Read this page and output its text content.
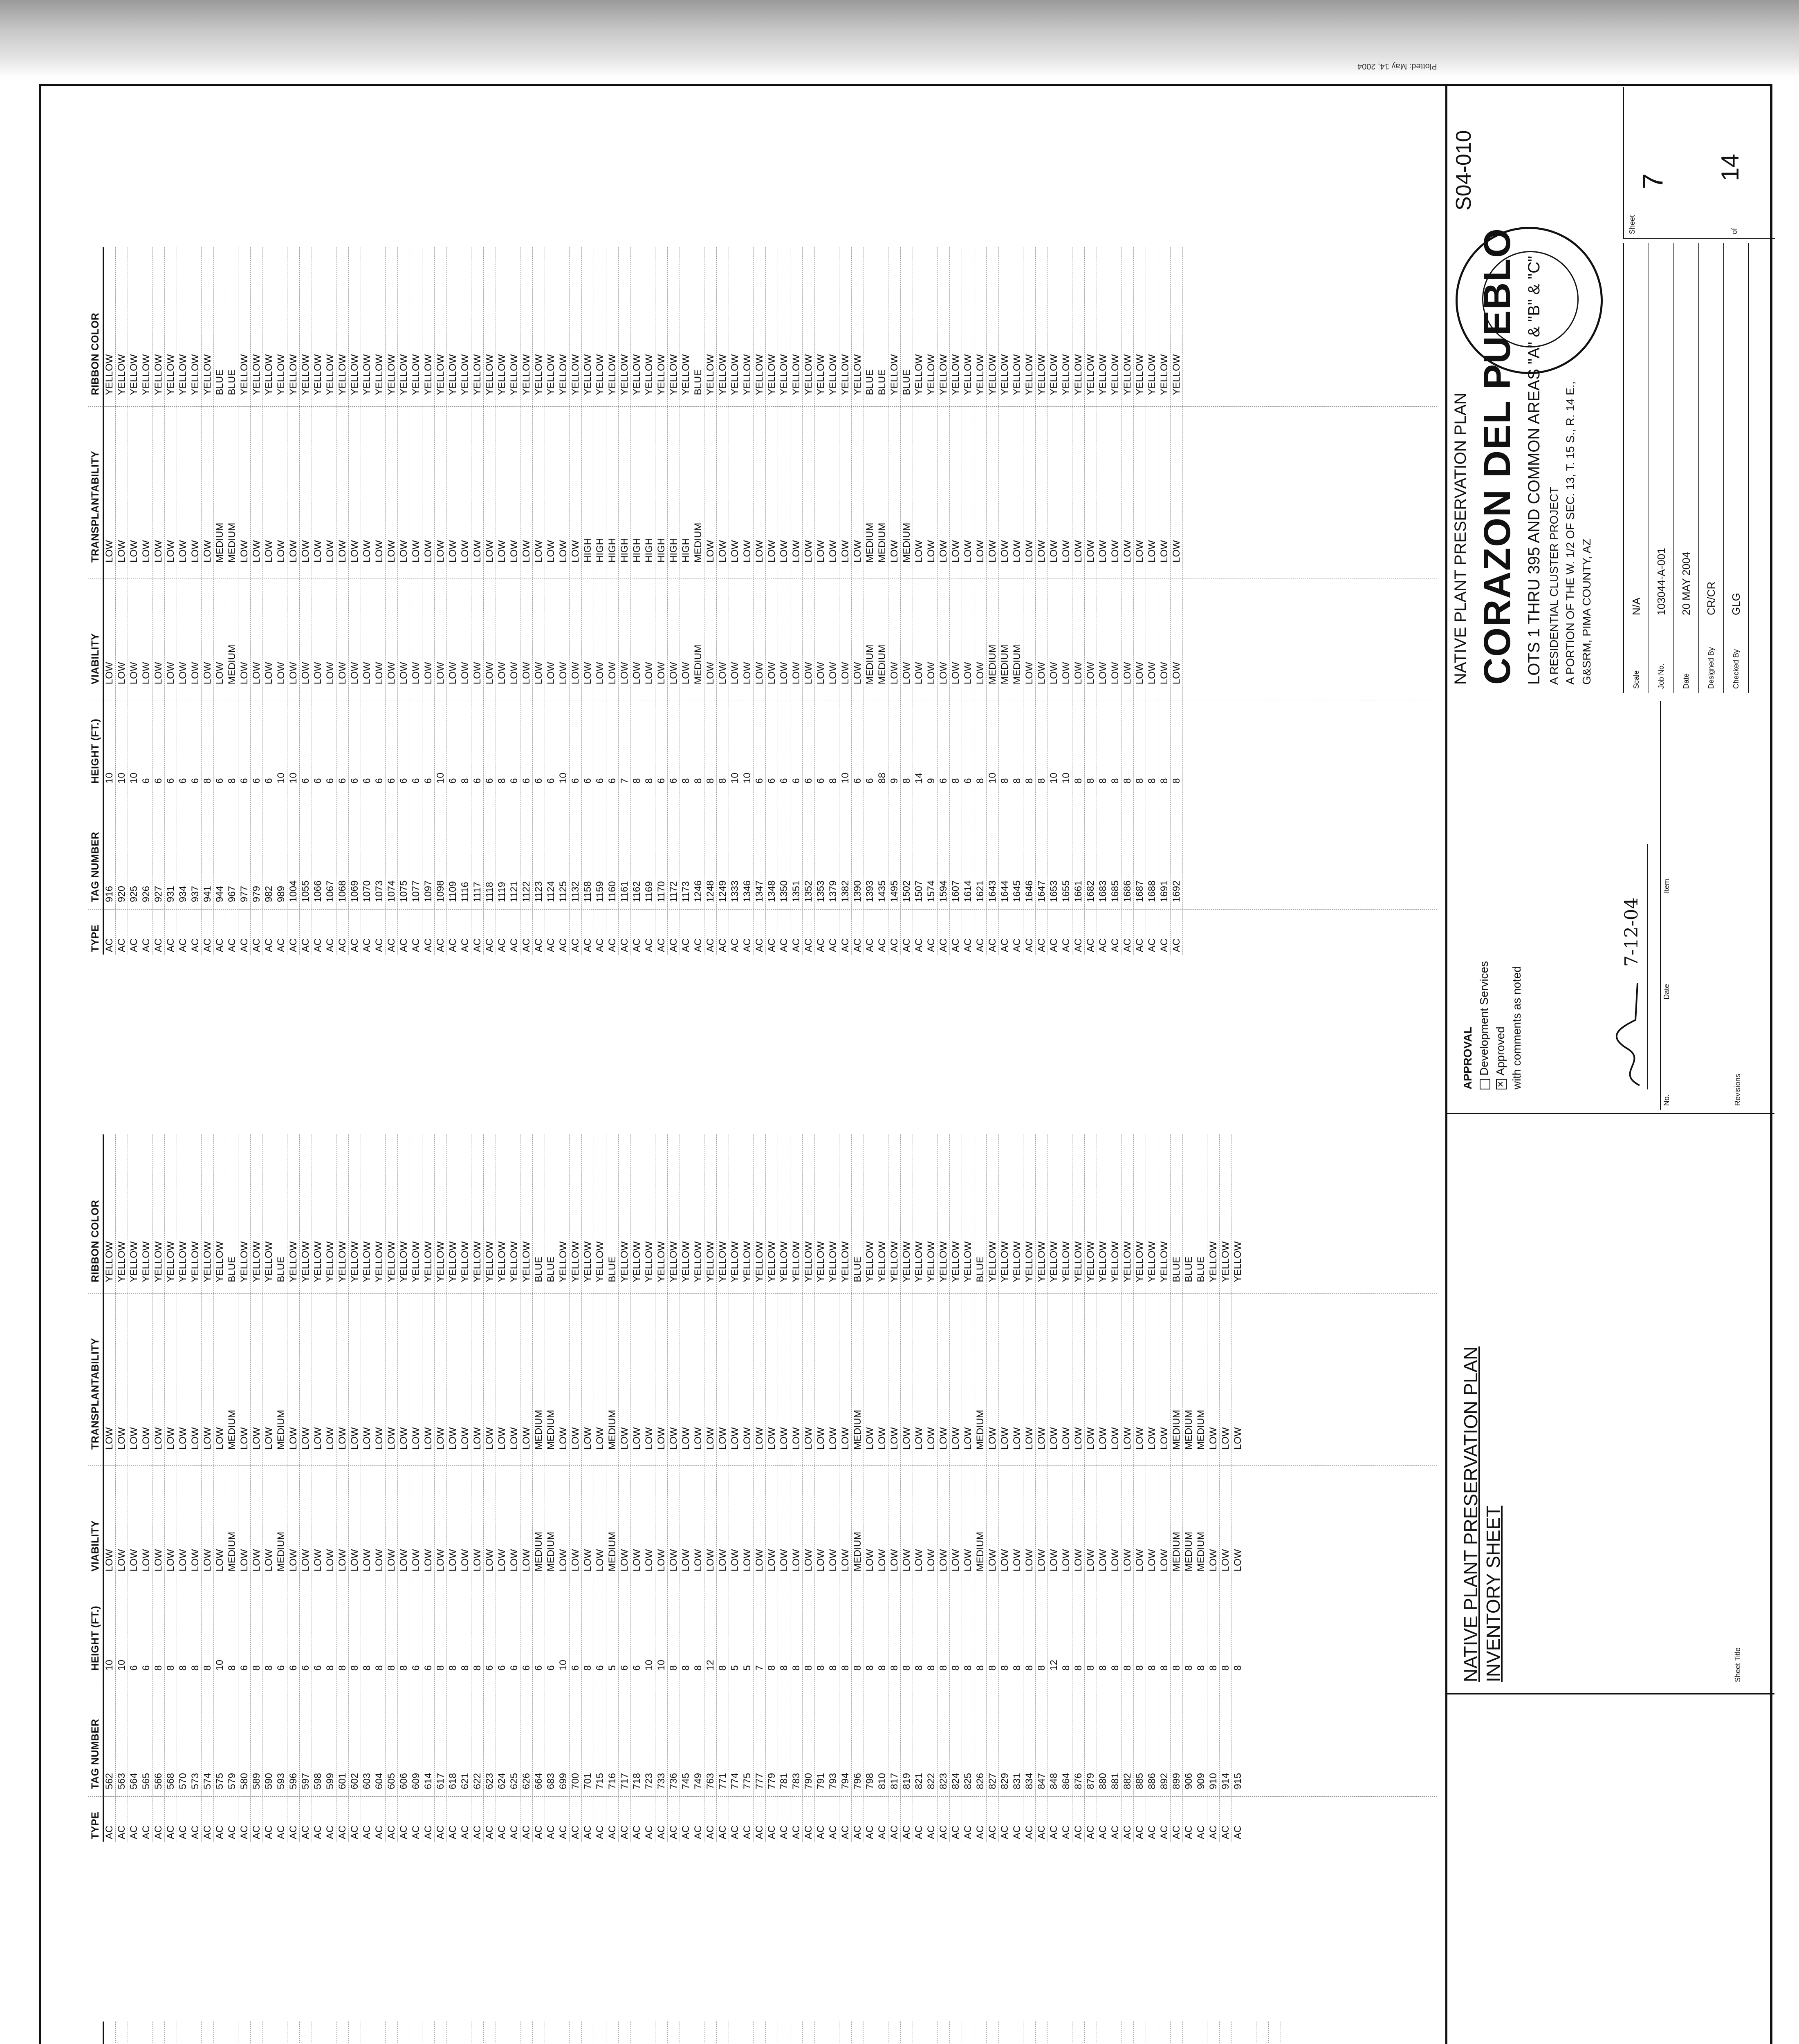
Plotted: May 14, 2004
TYPE
TAG NUMBER
HEIGHT (FT.)
VIABILITY
TRANSPLANTABILITY
RIBBON COLOR
AC
562
10
LOW
LOW
YELLOW
AC
563
10
LOW
LOW
YELLOW
AC
564
6
LOW
LOW
YELLOW
AC
565
6
LOW
LOW
YELLOW
AC
566
8
LOW
LOW
YELLOW
AC
568
8
LOW
LOW
YELLOW
AC
570
8
LOW
LOW
YELLOW
AC
573
8
LOW
LOW
YELLOW
AC
574
8
LOW
LOW
YELLOW
AC
575
10
LOW
LOW
YELLOW
AC
579
8
MEDIUM
MEDIUM
BLUE
AC
580
6
LOW
LOW
YELLOW
AC
589
8
LOW
LOW
YELLOW
AC
590
8
LOW
LOW
YELLOW
AC
593
6
MEDIUM
MEDIUM
BLUE
AC
596
6
LOW
LOW
YELLOW
AC
597
6
LOW
LOW
YELLOW
AC
598
6
LOW
LOW
YELLOW
AC
599
8
LOW
LOW
YELLOW
AC
601
8
LOW
LOW
YELLOW
AC
602
8
LOW
LOW
YELLOW
AC
603
8
LOW
LOW
YELLOW
AC
604
8
LOW
LOW
YELLOW
AC
605
8
LOW
LOW
YELLOW
AC
606
8
LOW
LOW
YELLOW
AC
609
6
LOW
LOW
YELLOW
AC
614
6
LOW
LOW
YELLOW
AC
617
8
LOW
LOW
YELLOW
AC
618
8
LOW
LOW
YELLOW
AC
621
8
LOW
LOW
YELLOW
AC
622
8
LOW
LOW
YELLOW
AC
623
6
LOW
LOW
YELLOW
AC
624
6
LOW
LOW
YELLOW
AC
625
6
LOW
LOW
YELLOW
AC
626
6
LOW
LOW
YELLOW
AC
664
6
MEDIUM
MEDIUM
BLUE
AC
683
6
MEDIUM
MEDIUM
BLUE
AC
699
10
LOW
LOW
YELLOW
AC
700
6
LOW
LOW
YELLOW
AC
701
8
LOW
LOW
YELLOW
AC
715
6
LOW
LOW
YELLOW
AC
716
5
MEDIUM
MEDIUM
BLUE
AC
717
6
LOW
LOW
YELLOW
AC
718
6
LOW
LOW
YELLOW
AC
723
10
LOW
LOW
YELLOW
AC
733
10
LOW
LOW
YELLOW
AC
736
8
LOW
LOW
YELLOW
AC
745
8
LOW
LOW
YELLOW
AC
749
8
LOW
LOW
YELLOW
AC
763
12
LOW
LOW
YELLOW
AC
771
8
LOW
LOW
YELLOW
AC
774
5
LOW
LOW
YELLOW
AC
775
5
LOW
LOW
YELLOW
AC
777
7
LOW
LOW
YELLOW
AC
779
8
LOW
LOW
YELLOW
AC
781
8
LOW
LOW
YELLOW
AC
783
8
LOW
LOW
YELLOW
AC
790
8
LOW
LOW
YELLOW
AC
791
8
LOW
LOW
YELLOW
AC
793
8
LOW
LOW
YELLOW
AC
794
8
LOW
LOW
YELLOW
AC
796
8
MEDIUM
MEDIUM
BLUE
AC
798
8
LOW
LOW
YELLOW
AC
810
8
LOW
LOW
YELLOW
AC
817
8
LOW
LOW
YELLOW
AC
819
8
LOW
LOW
YELLOW
AC
821
8
LOW
LOW
YELLOW
AC
822
8
LOW
LOW
YELLOW
AC
823
8
LOW
LOW
YELLOW
AC
824
8
LOW
LOW
YELLOW
AC
825
8
LOW
LOW
YELLOW
AC
826
8
MEDIUM
MEDIUM
BLUE
AC
827
8
LOW
LOW
YELLOW
AC
829
8
LOW
LOW
YELLOW
AC
831
8
LOW
LOW
YELLOW
AC
834
8
LOW
LOW
YELLOW
AC
847
8
LOW
LOW
YELLOW
AC
848
12
LOW
LOW
YELLOW
AC
864
8
LOW
LOW
YELLOW
AC
876
8
LOW
LOW
YELLOW
AC
879
8
LOW
LOW
YELLOW
AC
880
8
LOW
LOW
YELLOW
AC
881
8
LOW
LOW
YELLOW
AC
882
8
LOW
LOW
YELLOW
AC
885
8
LOW
LOW
YELLOW
AC
886
8
LOW
LOW
YELLOW
AC
892
8
LOW
LOW
YELLOW
AC
899
8
MEDIUM
MEDIUM
BLUE
AC
906
8
MEDIUM
MEDIUM
BLUE
AC
909
8
MEDIUM
MEDIUM
BLUE
AC
910
8
LOW
LOW
YELLOW
AC
914
8
LOW
LOW
YELLOW
AC
915
8
LOW
LOW
YELLOW
TYPE
TAG NUMBER
HEIGHT (FT.)
VIABILITY
TRANSPLANTABILITY
RIBBON COLOR
AC
916
10
LOW
LOW
YELLOW
AC
920
10
LOW
LOW
YELLOW
AC
925
10
LOW
LOW
YELLOW
AC
926
6
LOW
LOW
YELLOW
AC
927
6
LOW
LOW
YELLOW
AC
931
6
LOW
LOW
YELLOW
AC
934
6
LOW
LOW
YELLOW
AC
937
6
LOW
LOW
YELLOW
AC
941
8
LOW
LOW
YELLOW
AC
944
6
LOW
MEDIUM
BLUE
AC
967
8
MEDIUM
MEDIUM
BLUE
AC
977
6
LOW
LOW
YELLOW
AC
979
6
LOW
LOW
YELLOW
AC
982
6
LOW
LOW
YELLOW
AC
989
10
LOW
LOW
YELLOW
AC
1004
10
LOW
LOW
YELLOW
AC
1055
6
LOW
LOW
YELLOW
AC
1066
6
LOW
LOW
YELLOW
AC
1067
6
LOW
LOW
YELLOW
AC
1068
6
LOW
LOW
YELLOW
AC
1069
6
LOW
LOW
YELLOW
AC
1070
6
LOW
LOW
YELLOW
AC
1073
6
LOW
LOW
YELLOW
AC
1074
6
LOW
LOW
YELLOW
AC
1075
6
LOW
LOW
YELLOW
AC
1077
6
LOW
LOW
YELLOW
AC
1097
6
LOW
LOW
YELLOW
AC
1098
10
LOW
LOW
YELLOW
AC
1109
6
LOW
LOW
YELLOW
AC
1116
8
LOW
LOW
YELLOW
AC
1117
6
LOW
LOW
YELLOW
AC
1118
6
LOW
LOW
YELLOW
AC
1119
8
LOW
LOW
YELLOW
AC
1121
6
LOW
LOW
YELLOW
AC
1122
6
LOW
LOW
YELLOW
AC
1123
6
LOW
LOW
YELLOW
AC
1124
6
LOW
LOW
YELLOW
AC
1125
10
LOW
LOW
YELLOW
AC
1132
6
LOW
LOW
YELLOW
AC
1158
6
LOW
HIGH
YELLOW
AC
1159
6
LOW
HIGH
YELLOW
AC
1160
6
LOW
HIGH
YELLOW
AC
1161
7
LOW
HIGH
YELLOW
AC
1162
8
LOW
HIGH
YELLOW
AC
1169
8
LOW
HIGH
YELLOW
AC
1170
6
LOW
HIGH
YELLOW
AC
1172
6
LOW
HIGH
YELLOW
AC
1173
8
LOW
HIGH
YELLOW
AC
1246
8
MEDIUM
MEDIUM
BLUE
AC
1248
8
LOW
LOW
YELLOW
AC
1249
8
LOW
LOW
YELLOW
AC
1333
10
LOW
LOW
YELLOW
AC
1346
10
LOW
LOW
YELLOW
AC
1347
6
LOW
LOW
YELLOW
AC
1348
6
LOW
LOW
YELLOW
AC
1350
6
LOW
LOW
YELLOW
AC
1351
6
LOW
LOW
YELLOW
AC
1352
6
LOW
LOW
YELLOW
AC
1353
6
LOW
LOW
YELLOW
AC
1379
8
LOW
LOW
YELLOW
AC
1382
10
LOW
LOW
YELLOW
AC
1390
6
LOW
LOW
YELLOW
AC
1393
6
MEDIUM
MEDIUM
BLUE
AC
1435
88
MEDIUM
MEDIUM
BLUE
AC
1495
9
LOW
LOW
YELLOW
AC
1502
8
LOW
MEDIUM
BLUE
AC
1507
14
LOW
LOW
YELLOW
AC
1574
9
LOW
LOW
YELLOW
AC
1594
6
LOW
LOW
YELLOW
AC
1607
8
LOW
LOW
YELLOW
AC
1614
6
LOW
LOW
YELLOW
AC
1621
8
LOW
LOW
YELLOW
AC
1643
10
MEDIUM
LOW
YELLOW
AC
1644
8
MEDIUM
LOW
YELLOW
AC
1645
8
MEDIUM
LOW
YELLOW
AC
1646
8
LOW
LOW
YELLOW
AC
1647
8
LOW
LOW
YELLOW
AC
1653
10
LOW
LOW
YELLOW
AC
1655
10
LOW
LOW
YELLOW
AC
1661
8
LOW
LOW
YELLOW
AC
1682
8
LOW
LOW
YELLOW
AC
1683
8
LOW
LOW
YELLOW
AC
1685
8
LOW
LOW
YELLOW
AC
1686
8
LOW
LOW
YELLOW
AC
1687
8
LOW
LOW
YELLOW
AC
1688
8
LOW
LOW
YELLOW
AC
1691
8
LOW
LOW
YELLOW
AC
1692
8
LOW
LOW
YELLOW
NATIVE PLANT PRESERVATION PLAN INVENTORY SHEET	Sheet Title
No.
Date
Item
Revisions
APPROVAL Development Services
✕Approved with comments as noted
7-12-04
NATIVE PLANT PRESERVATION PLAN CORAZON DEL PUEBLO LOTS 1 THRU 395 AND COMMON AREAS "A" & "B" & "C" A RESIDENTIAL CLUSTER PROJECT A PORTION OF THE W. 1/2 OF SEC. 13, T. 15 S., R. 14 E., G&SRM, PIMA COUNTY, AZ
S04-010
Scale
N/A
Job No.
103044-A-001
Date
20 MAY 2004
Designed By
CR/CR
Checked By
GLG
Sheet
7
of
14
